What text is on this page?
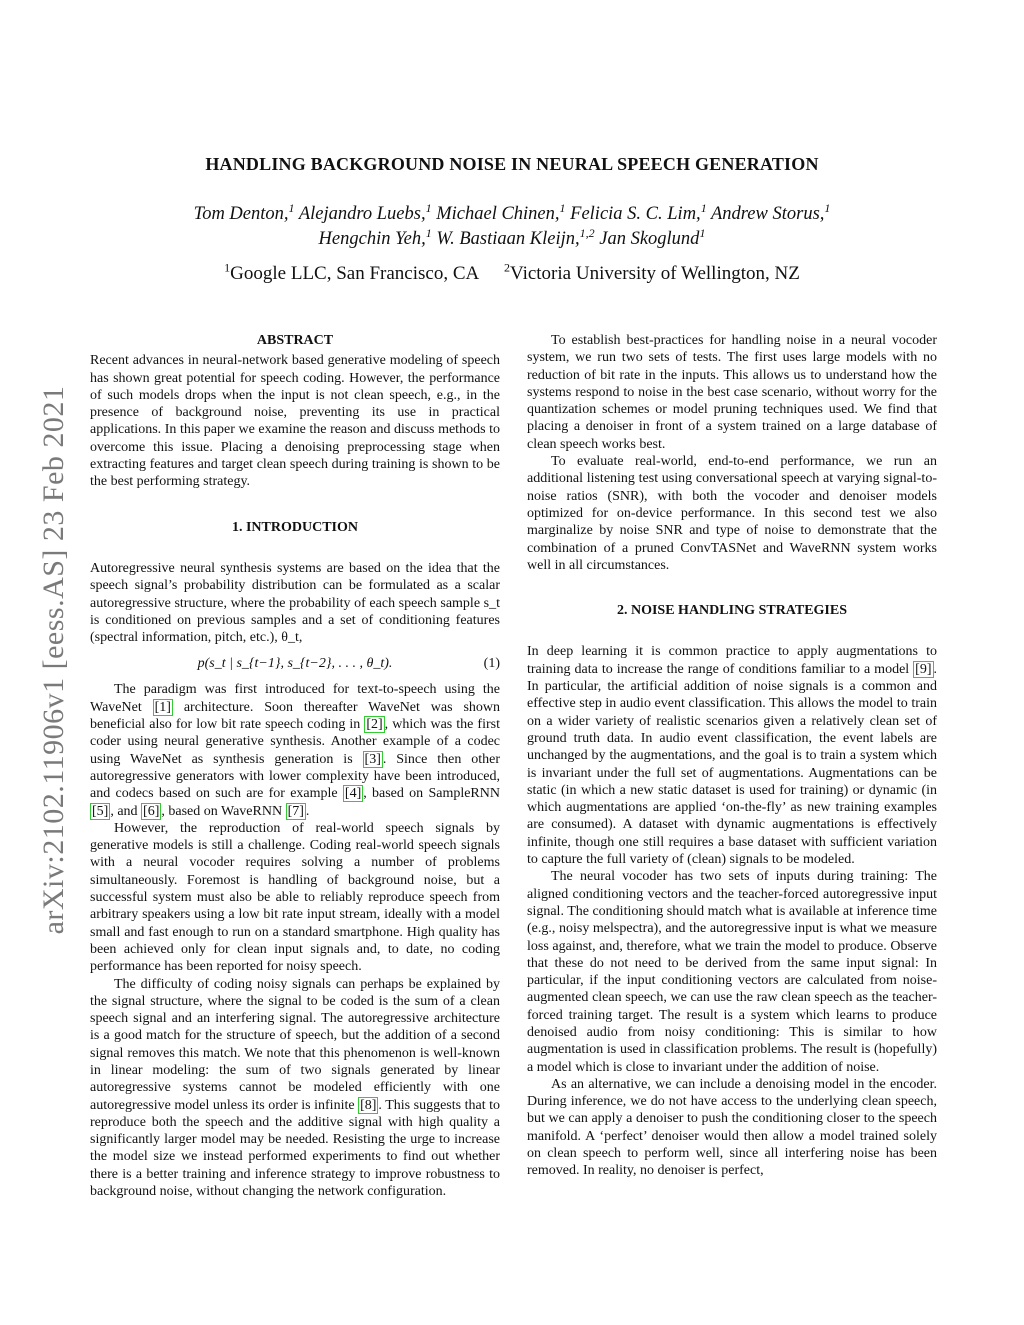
arXiv:2102.11906v1 [eess.AS] 23 Feb 2021
HANDLING BACKGROUND NOISE IN NEURAL SPEECH GENERATION
Tom Denton,$^1$ Alejandro Luebs,$^1$ Michael Chinen,$^1$ Felicia S. C. Lim,$^1$ Andrew Storus,$^1$
Hengchin Yeh,$^1$ W. Bastiaan Kleijn,$^{1,2}$ Jan Skoglund$^1$
$^1$Google LLC, San Francisco, CA $^2$Victoria University of Wellington, NZ
ABSTRACT

Recent advances in neural-network based generative modeling of speech has shown great potential for speech coding. However, the performance of such models drops when the input is not clean speech, e.g., in the presence of background noise, preventing its use in practical applications. In this paper we examine the reason and discuss methods to overcome this issue. Placing a denoising preprocessing stage when extracting features and target clean speech during training is shown to be the best performing strategy.

1. INTRODUCTION

Autoregressive neural synthesis systems are based on the idea that the speech signal’s probability distribution can be formulated as a scalar autoregressive structure, where the probability of each speech sample s_t is conditioned on previous samples and a set of conditioning features (spectral information, pitch, etc.), θ_t,

p(s_t | s_{t−1}, s_{t−2}, . . . , θ_t).	(1)

The paradigm was first introduced for text-to-speech using the WaveNet [1] architecture. Soon thereafter WaveNet was shown beneficial also for low bit rate speech coding in [2] , which was the first coder using neural generative synthesis. Another example of a codec using WaveNet as synthesis generation is [3] . Since then other autoregressive generators with lower complexity have been introduced, and codecs based on such are for example [4] , based on SampleRNN [5] , and [6] , based on WaveRNN [7] .

However, the reproduction of real-world speech signals by generative models is still a challenge. Coding real-world speech signals with a neural vocoder requires solving a number of problems simultaneously. Foremost is handling of background noise, but a successful system must also be able to reliably reproduce speech from arbitrary speakers using a low bit rate input stream, ideally with a model small and fast enough to run on a standard smartphone. High quality has been achieved only for clean input signals and, to date, no coding performance has been reported for noisy speech.

The difficulty of coding noisy signals can perhaps be explained by the signal structure, where the signal to be coded is the sum of a clean speech signal and an interfering signal. The autoregressive architecture is a good match for the structure of speech, but the addition of a second signal removes this match. We note that this phenomenon is well-known in linear modeling: the sum of two signals generated by linear autoregressive systems cannot be modeled efficiently with one autoregressive model unless its order is infinite [8] . This suggests that to reproduce both the speech and the additive signal with high quality a significantly larger model may be needed. Resisting the urge to increase the model size we instead performed experiments to find out whether there is a better training and inference strategy to improve robustness to background noise, without changing the network configuration.

To establish best-practices for handling noise in a neural vocoder system, we run two sets of tests. The first uses large models with no reduction of bit rate in the inputs. This allows us to understand how the systems respond to noise in the best case scenario, without worry for the quantization schemes or model pruning techniques used. We find that placing a denoiser in front of a system trained on a large database of clean speech works best.

To evaluate real-world, end-to-end performance, we run an additional listening test using conversational speech at varying signal-to-noise ratios (SNR), with both the vocoder and denoiser models optimized for on-device performance. In this second test we also marginalize by noise SNR and type of noise to demonstrate that the combination of a pruned ConvTASNet and WaveRNN system works well in all circumstances.

2. NOISE HANDLING STRATEGIES

In deep learning it is common practice to apply augmentations to training data to increase the range of conditions familiar to a model [9] . In particular, the artificial addition of noise signals is a common and effective step in audio event classification. This allows the model to train on a wider variety of realistic scenarios given a relatively clean set of ground truth data. In audio event classification, the event labels are unchanged by the augmentations, and the goal is to train a system which is invariant under the full set of augmentations. Augmentations can be static (in which a new static dataset is used for training) or dynamic (in which augmentations are applied ‘on-the-fly’ as new training examples are consumed). A dataset with dynamic augmentations is effectively infinite, though one still requires a base dataset with sufficient variation to capture the full variety of (clean) signals to be modeled.

The neural vocoder has two sets of inputs during training: The aligned conditioning vectors and the teacher-forced autoregressive input signal. The conditioning should match what is available at inference time (e.g., noisy melspectra), and the autoregressive input is what we measure loss against, and, therefore, what we train the model to produce. Observe that these do not need to be derived from the same input signal: In particular, if the input conditioning vectors are calculated from noise-augmented clean speech, we can use the raw clean speech as the teacher-forced training target. The result is a system which learns to produce denoised audio from noisy conditioning: This is similar to how augmentation is used in classification problems. The result is (hopefully) a model which is close to invariant under the addition of noise.

As an alternative, we can include a denoising model in the encoder. During inference, we do not have access to the underlying clean speech, but we can apply a denoiser to push the conditioning closer to the speech manifold. A ‘perfect’ denoiser would then allow a model trained solely on clean speech to perform well, since all interfering noise has been removed. In reality, no denoiser is perfect,
